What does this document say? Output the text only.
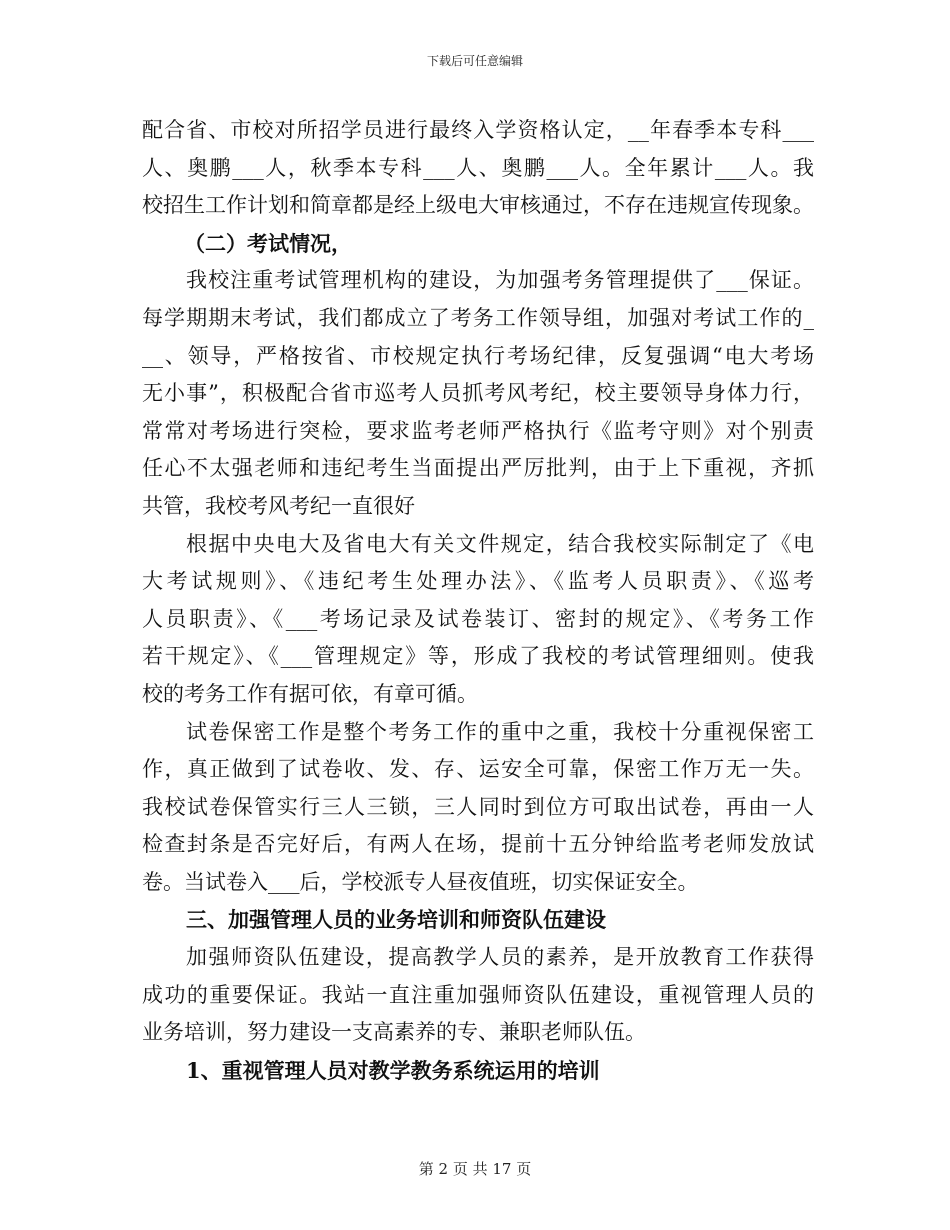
下载后可任意编辑
配合省、市校对所招学员进行最终入学资格认定，__年春季本专科___
人、奥鹏___人，秋季本专科___人、奥鹏___人。全年累计___人。我
校招生工作计划和简章都是经上级电大审核通过，不存在违规宣传现象。
（二）考试情况，
我校注重考试管理机构的建设，为加强考务管理提供了___保证。
每学期期末考试，我们都成立了考务工作领导组，加强对考试工作的_
__、领导，严格按省、市校规定执行考场纪律，反复强调“电大考场
无小事”，积极配合省市巡考人员抓考风考纪，校主要领导身体力行，
常常对考场进行突检，要求监考老师严格执行《监考守则》对个别责
任心不太强老师和违纪考生当面提出严厉批判，由于上下重视，齐抓
共管，我校考风考纪一直很好
根据中央电大及省电大有关文件规定，结合我校实际制定了《电
大考试规则》、《违纪考生处理办法》、《监考人员职责》、《巡考
人员职责》、《___考场记录及试卷装订、密封的规定》、《考务工作
若干规定》、《___管理规定》等，形成了我校的考试管理细则。使我
校的考务工作有据可依，有章可循。
试卷保密工作是整个考务工作的重中之重，我校十分重视保密工
作，真正做到了试卷收、发、存、运安全可靠，保密工作万无一失。
我校试卷保管实行三人三锁，三人同时到位方可取出试卷，再由一人
检查封条是否完好后，有两人在场，提前十五分钟给监考老师发放试
卷。当试卷入___后，学校派专人昼夜值班，切实保证安全。
三、加强管理人员的业务培训和师资队伍建设
加强师资队伍建设，提高教学人员的素养，是开放教育工作获得
成功的重要保证。我站一直注重加强师资队伍建设，重视管理人员的
业务培训，努力建设一支高素养的专、兼职老师队伍。
1、重视管理人员对教学教务系统运用的培训
第 2 页 共 17 页
